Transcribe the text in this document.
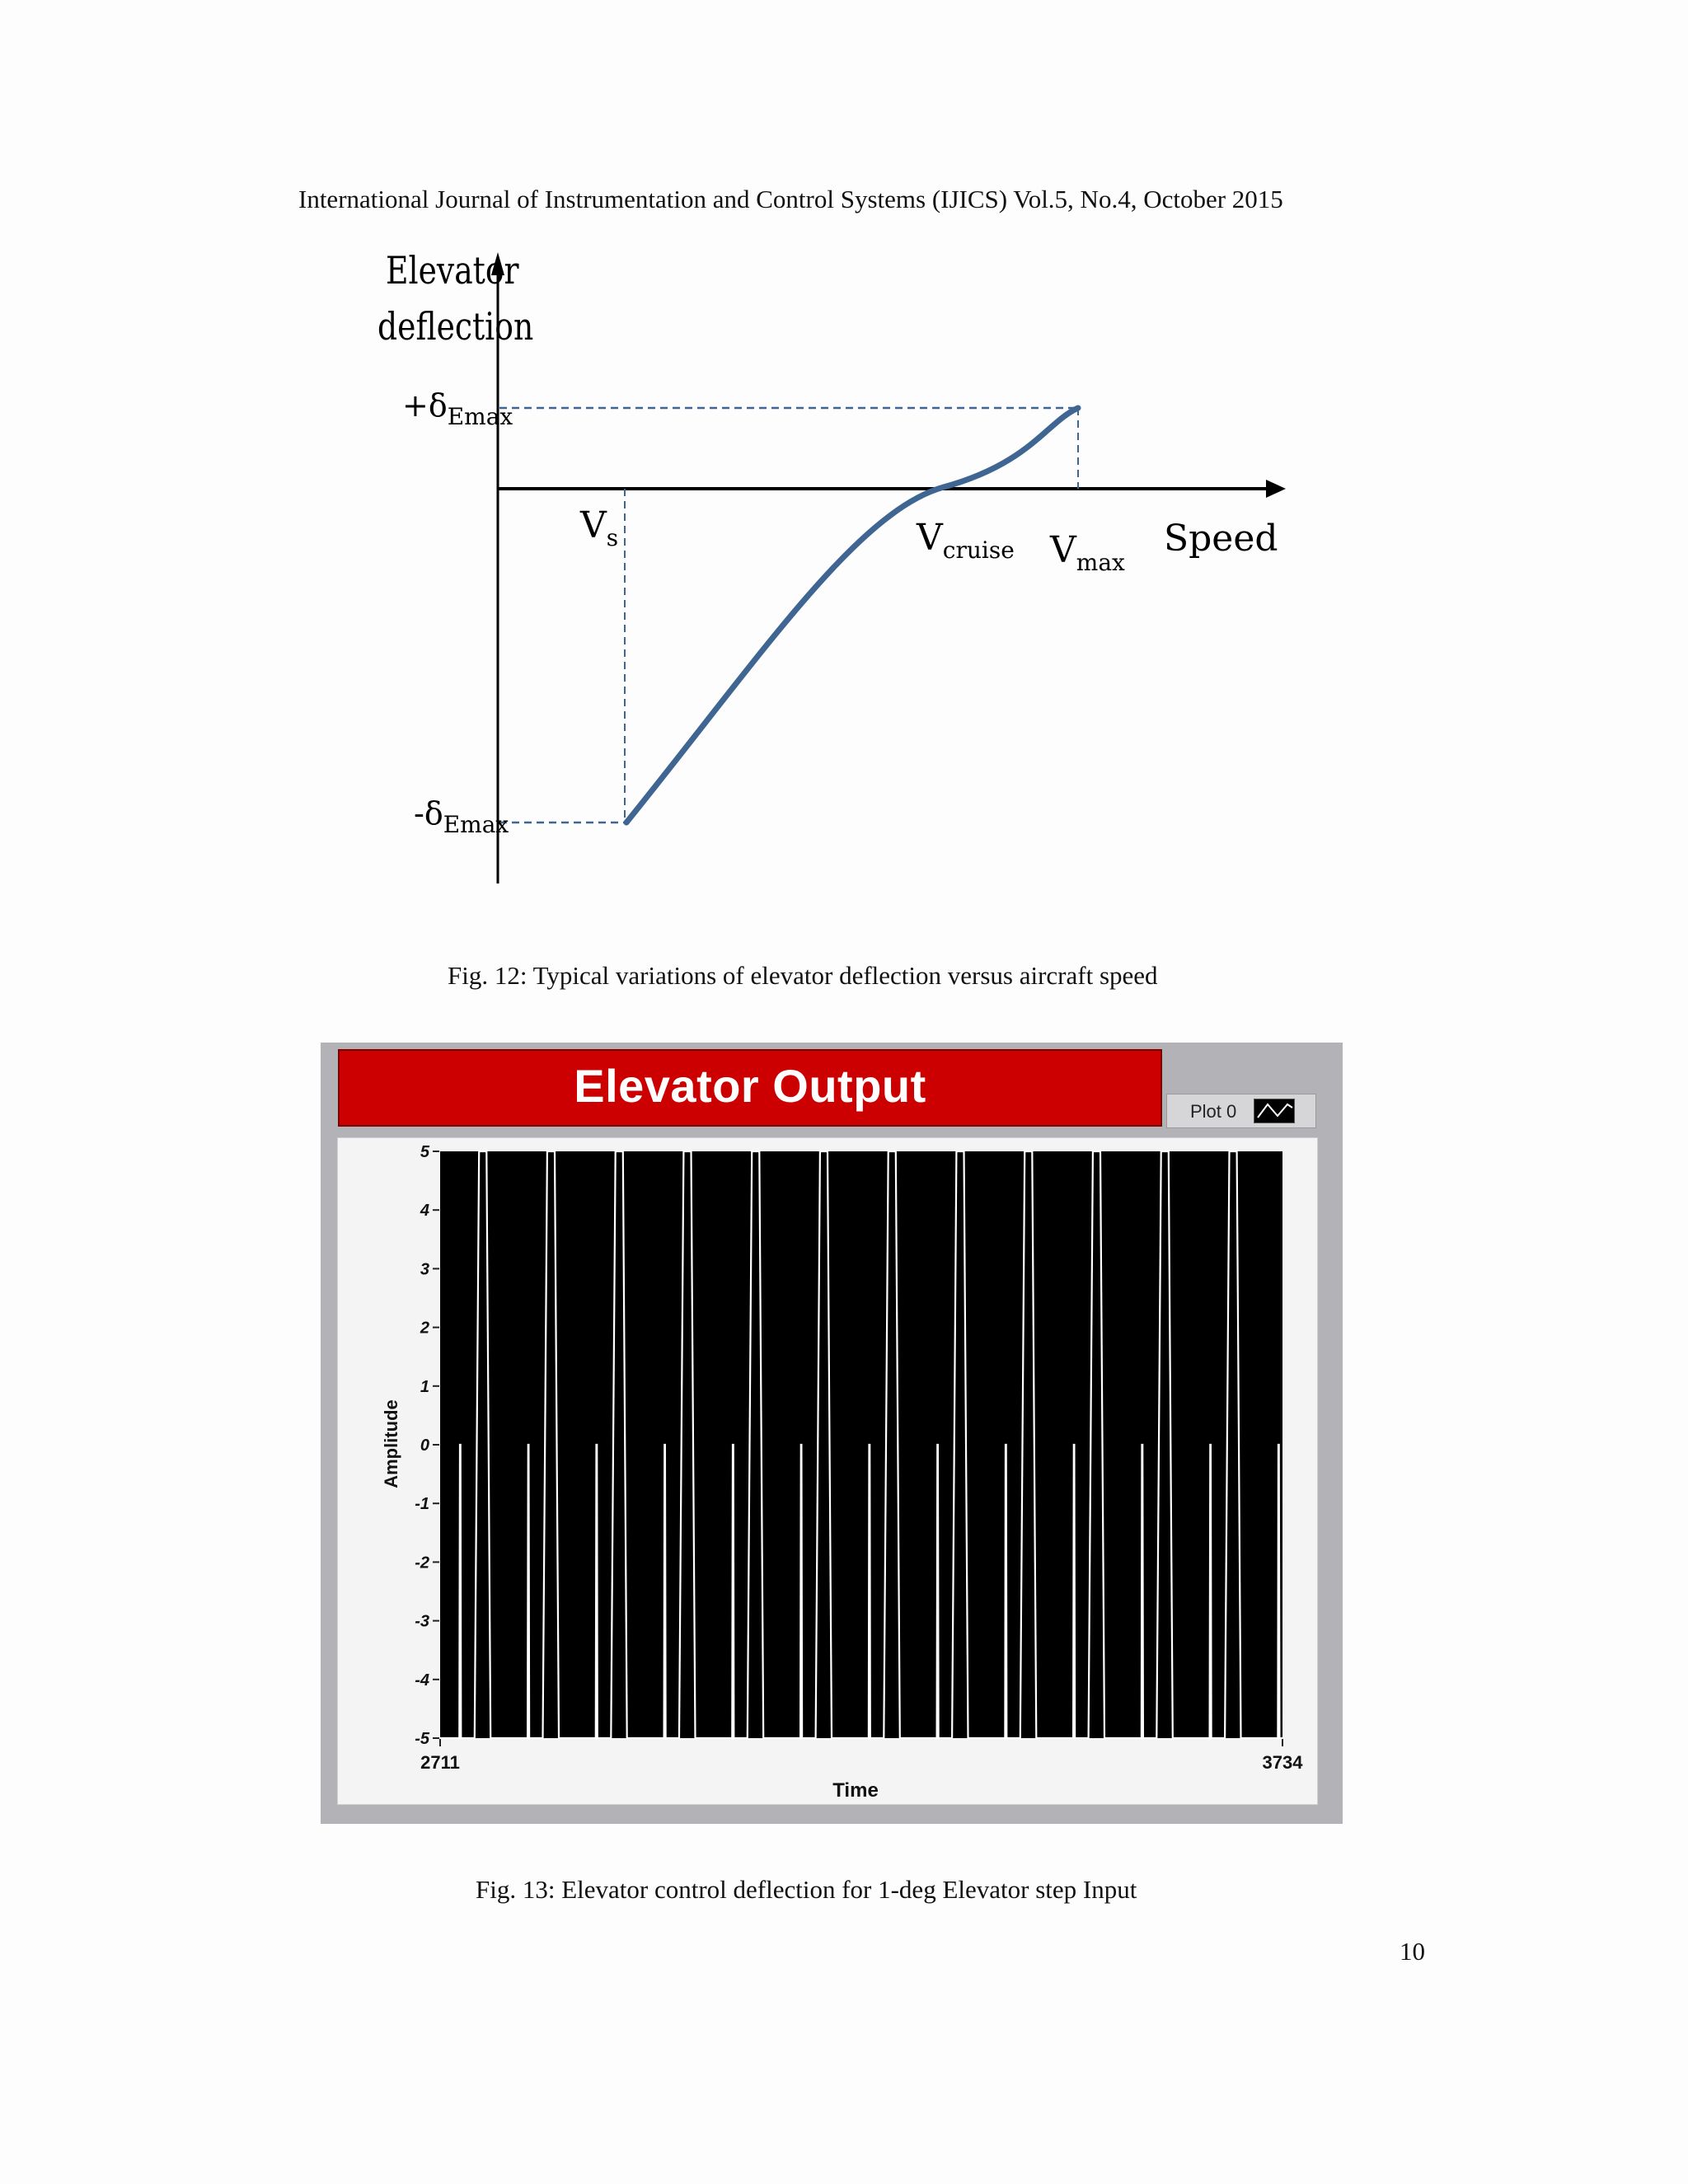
International Journal of Instrumentation and Control Systems (IJICS) Vol.5, No.4, October 2015
Elevator
deflection
$+\delta_{Emax}$
$-\delta_{Emax}$
$V_s$	$V_{cruise}$ $V_{max}$
Speed
Fig. 12: Typical variations of elevator deflection versus aircraft speed
Elevator Output	Plot 0
5
4
3
2
1
0
-1
-2
-3
-4
-5
2711	3734
Amplitude
Time
Fig. 13: Elevator control deflection for 1-deg Elevator step Input
10
